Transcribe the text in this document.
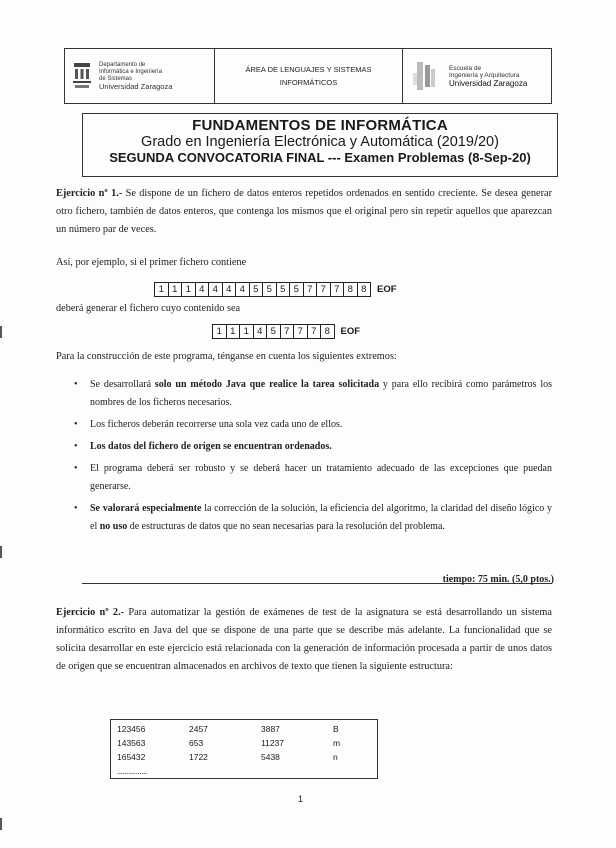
Departamento de
Informática e Ingeniería
de Sistemas
Universidad Zaragoza
ÁREA DE LENGUAJES Y SISTEMAS
INFORMÁTICOS
Escuela de
Ingeniería y Arquitectura
Universidad Zaragoza
FUNDAMENTOS DE INFORMÁTICA
Grado en Ingeniería Electrónica y Automática (2019/20)
SEGUNDA CONVOCATORIA FINAL --- Examen Problemas (8-Sep-20)
Ejercicio nº 1.- Se dispone de un fichero de datos enteros repetidos ordenados en sentido creciente. Se desea generar otro fichero, también de datos enteros, que contenga los mismos que el original pero sin repetir aquellos que aparezcan un número par de veces.
Así, por ejemplo, si el primer fichero contiene
1 1 1 4 4 4 4 5 5 5 5 7 7 7 8 8	EOF
deberá generar el fichero cuyo contenido sea
1 1 1 4 5 7 7 7 8	EOF
Para la construcción de este programa, ténganse en cuenta los siguientes extremos:
• Se desarrollará solo un método Java que realice la tarea solicitada y para ello recibirá como parámetros los nombres de los ficheros necesarios.
• Los ficheros deberán recorrerse una sola vez cada uno de ellos.
• Los datos del fichero de origen se encuentran ordenados.
• El programa deberá ser robusto y se deberá hacer un tratamiento adecuado de las excepciones que puedan generarse.
• Se valorará especialmente la corrección de la solución, la eficiencia del algoritmo, la claridad del diseño lógico y el no uso de estructuras de datos que no sean necesarias para la resolución del problema.
tiempo: 75 min. (5,0 ptos.)
Ejercicio nº 2.- Para automatizar la gestión de exámenes de test de la asignatura se está desarrollando un sistema informático escrito en Java del que se dispone de una parte que se describe más adelante. La funcionalidad que se solicita desarrollar en este ejercicio está relacionada con la generación de información procesada a partir de unos datos de origen que se encuentran almacenados en archivos de texto que tienen la siguiente estructura:
123456	2457	3887	B
143563	653	11237	m
165432	1722	5438	n
................
1
